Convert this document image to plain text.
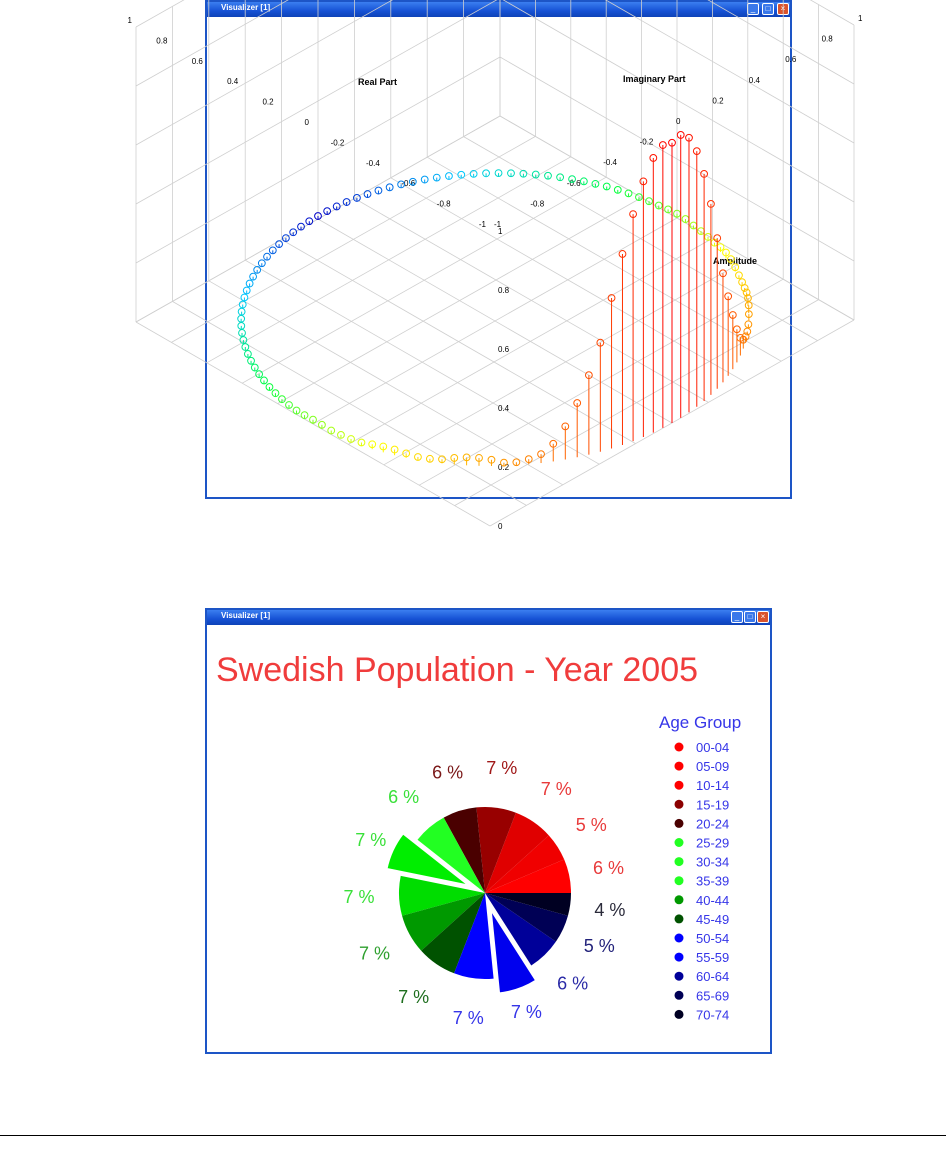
Visualizer [1]	_	□	×
1
0.8
0.6
0.4
0.2
0
-0.2
-0.4
-0.6
-0.8
-1
1
0.8
0.6
0.4
0.2
0
-0.2
-0.4
-0.6
-0.8
-1
1
0.8
0.6
0.4
0.2
0
Real Part	Imaginary Part
Amplitude
Visualizer [1]	_	□	×
Swedish Population - Year 2005
Age Group
00-04
05-09
10-14
15-19
20-24
25-29
30-34
35-39
40-44
45-49
50-54
55-59
60-64
65-69
70-74
6 %
5 %
7 %
7 %
6 %
6 %
7 %
7 %
7 %
7 %
7 % 7 %
6 %
5 %
4 %
